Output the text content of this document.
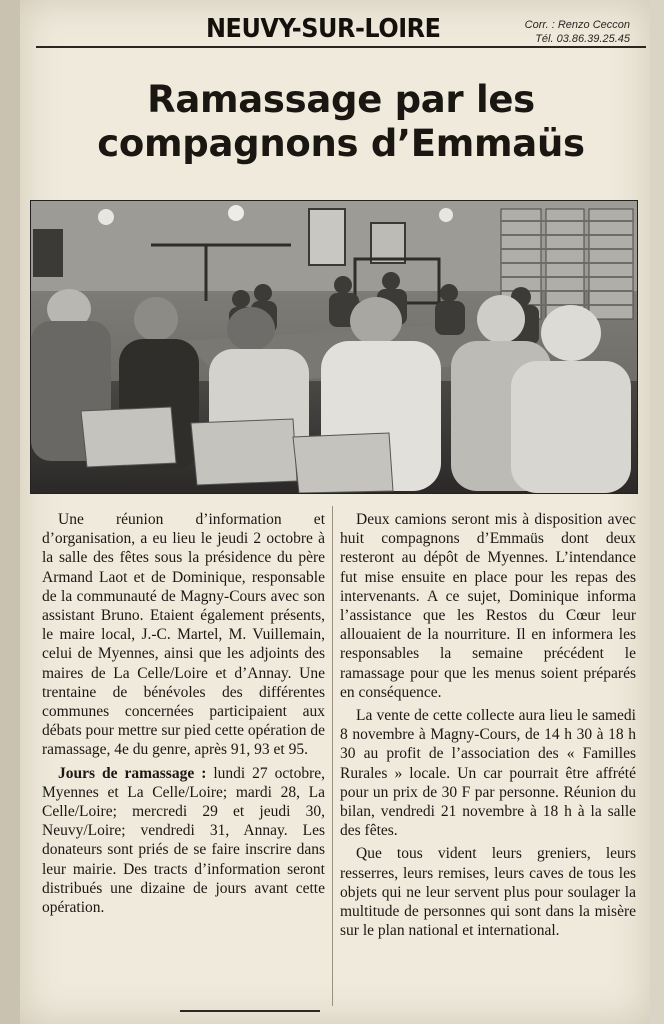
NEUVY-SUR-LOIRE	Corr. : Renzo Ceccon
Tél. 03.86.39.25.45
Ramassage par les
compagnons d’Emmaüs

Une réunion d’information et d’organisation, a eu lieu le jeudi 2 octobre à la salle des fêtes sous la présidence du père Armand Laot et de Dominique, responsable de la communauté de Magny-Cours avec son assistant Bruno. Etaient également présents, le maire local, J.-C. Martel, M. Vuillemain, celui de Myennes, ainsi que les adjoints des maires de La Celle/Loire et d’Annay. Une trentaine de bénévoles des différentes communes concernées participaient aux débats pour mettre sur pied cette opération de ramassage, 4e du genre, après 91, 93 et 95.

Jours de ramassage : lundi 27 octobre, Myennes et La Celle/Loire; mardi 28, La Celle/Loire; mercredi 29 et jeudi 30, Neuvy/Loire; vendredi 31, Annay. Les donateurs sont priés de se faire inscrire dans leur mairie. Des tracts d’information seront distribués une dizaine de jours avant cette opération.

Deux camions seront mis à disposition avec huit compagnons d’Emmaüs dont deux resteront au dépôt de Myennes. L’intendance fut mise ensuite en place pour les repas des intervenants. A ce sujet, Dominique informa l’assistance que les Restos du Cœur leur allouaient de la nourriture. Il en informera les responsables la semaine précédent le ramassage pour que les menus soient préparés en conséquence.

La vente de cette collecte aura lieu le samedi 8 novembre à Magny-Cours, de 14 h 30 à 18 h 30 au profit de l’association des « Familles Rurales » locale. Un car pourrait être affrété pour un prix de 30 F par personne. Réunion du bilan, vendredi 21 novembre à 18 h à la salle des fêtes.

Que tous vident leurs greniers, leurs resserres, leurs remises, leurs caves de tous les objets qui ne leur servent plus pour soulager la multitude de personnes qui sont dans la misère sur le plan national et international.
